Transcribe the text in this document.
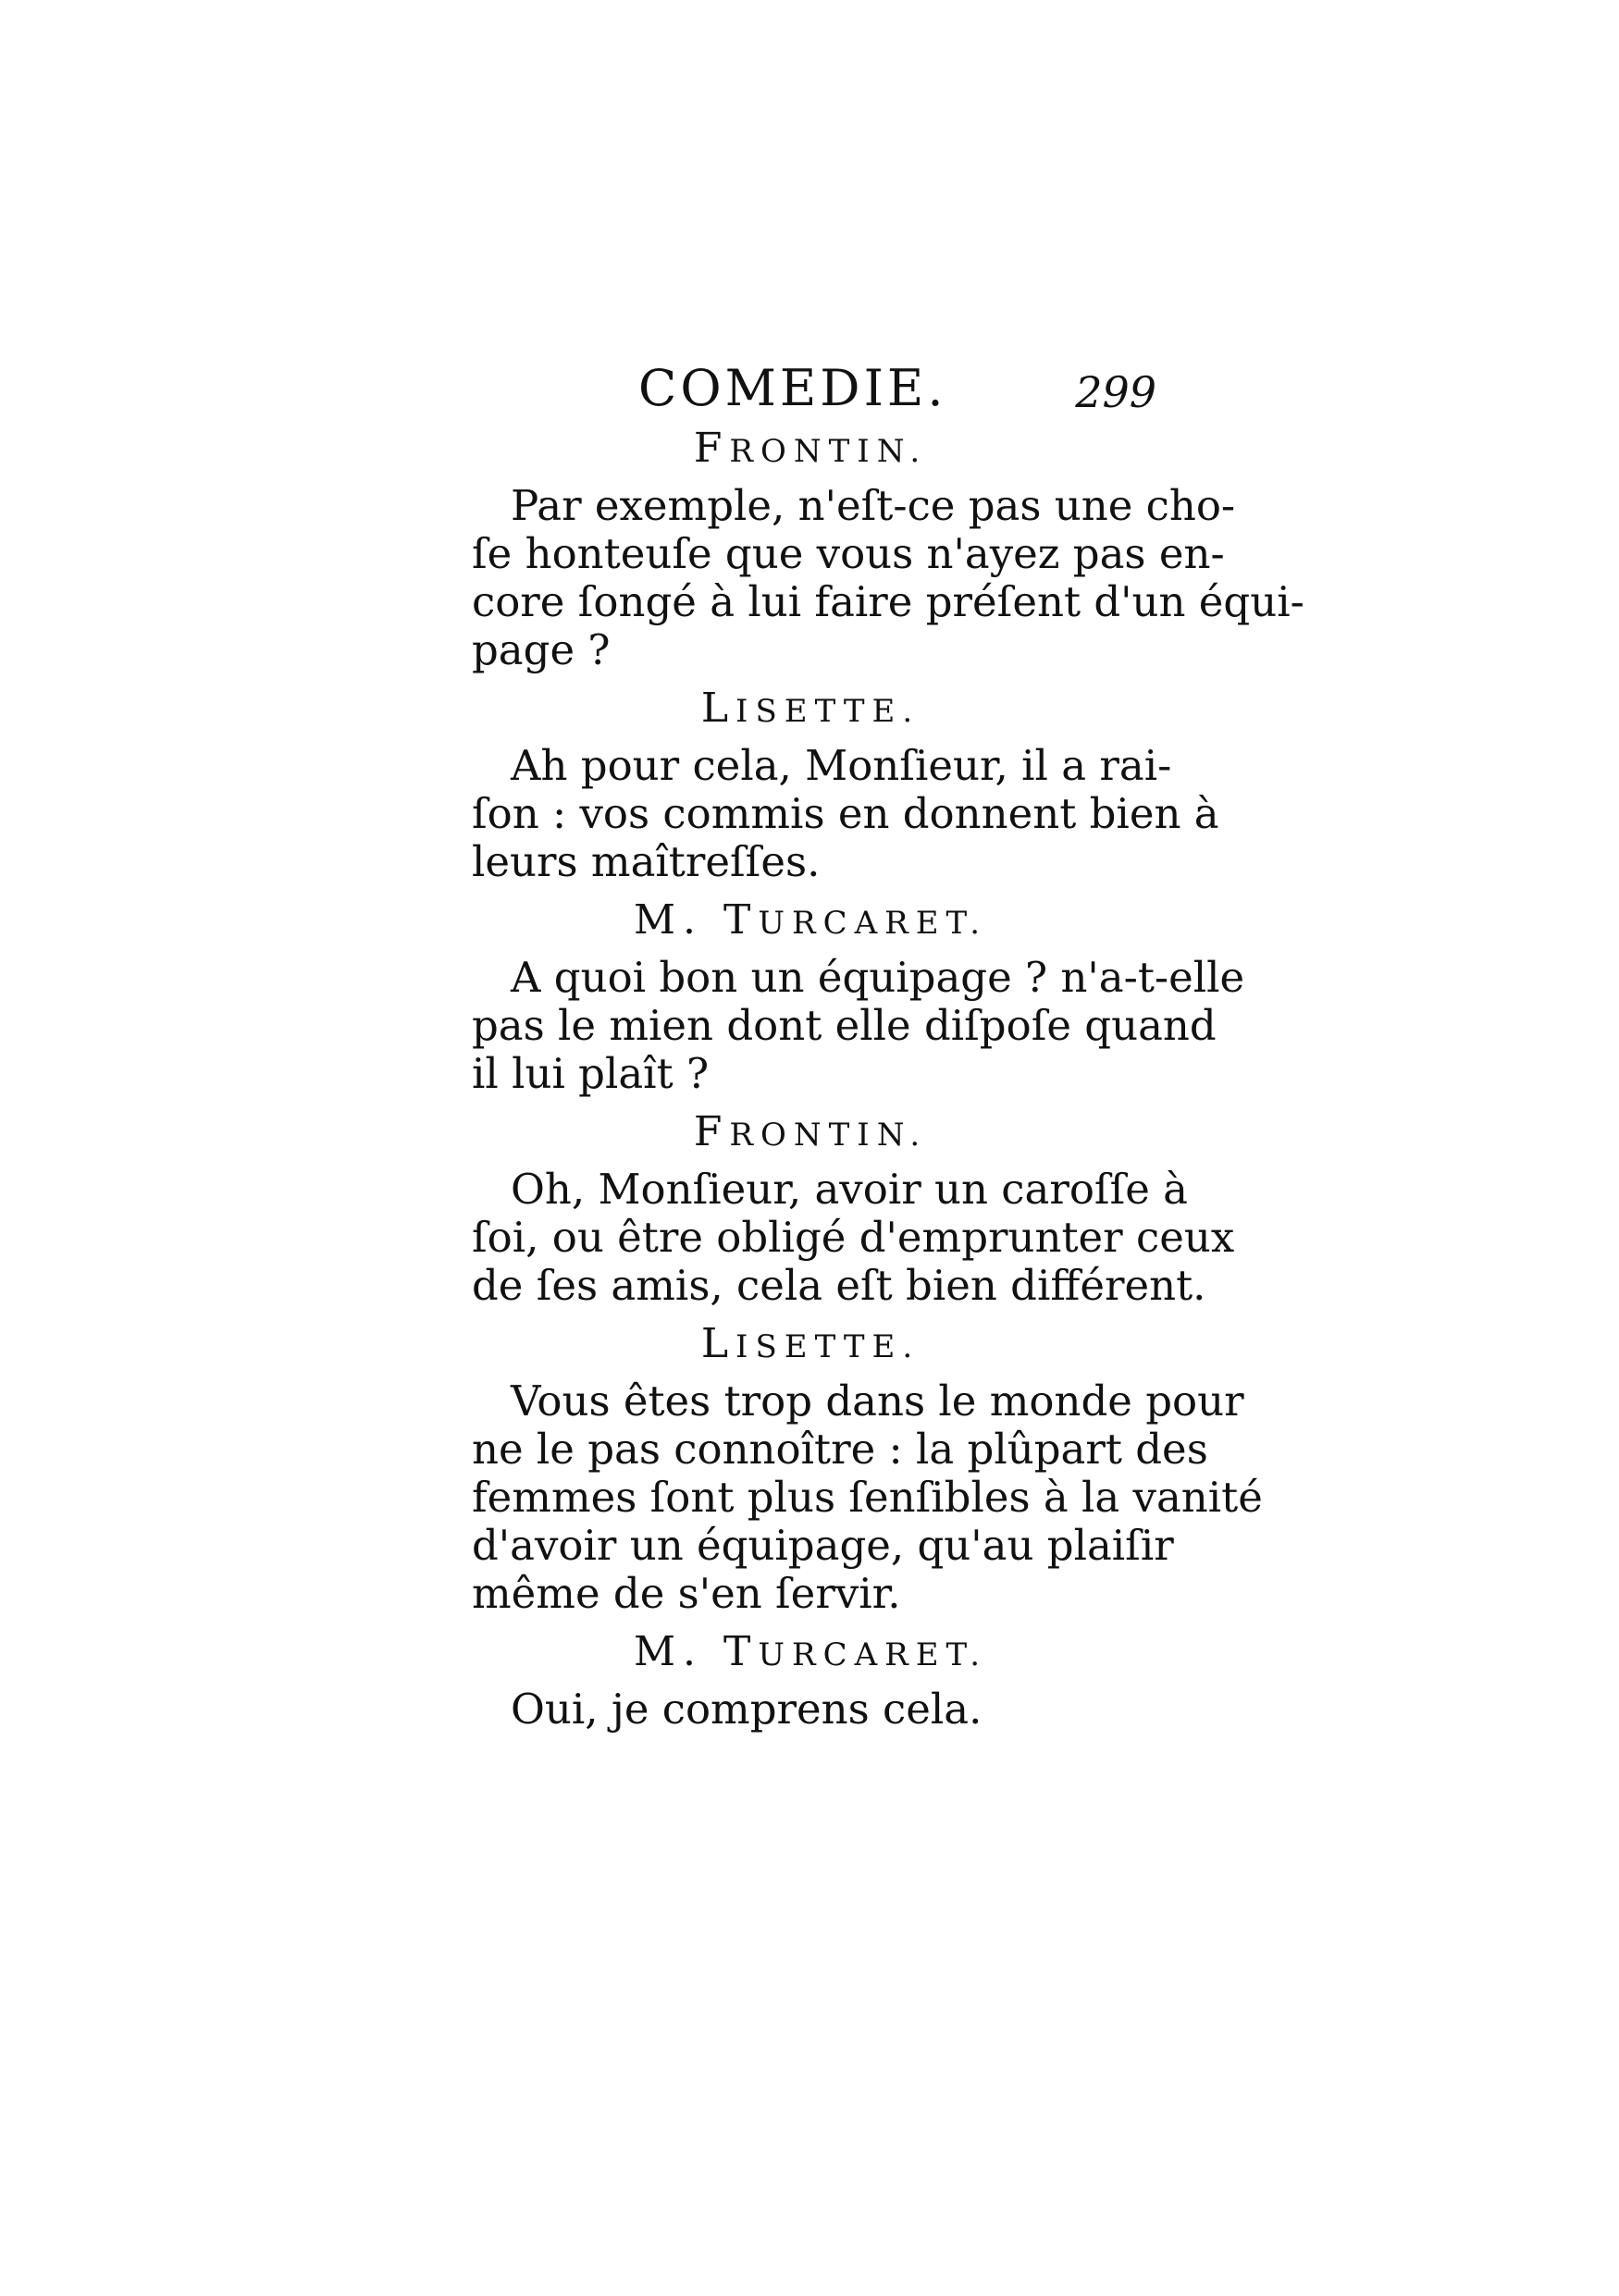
COMEDIE.	299
FRONTIN.
Par exemple, n'eſt-ce pas une cho-
ſe honteuſe que vous n'ayez pas en-
core ſongé à lui faire préſent d'un équi-
page ?
LISETTE.
Ah pour cela, Monſieur, il a rai-
ſon : vos commis en donnent bien à
leurs maîtreſſes.
M. TURCARET.
A quoi bon un équipage ? n'a-t-elle
pas le mien dont elle diſpoſe quand
il lui plaît ?
FRONTIN.
Oh, Monſieur, avoir un caroſſe à
ſoi, ou être obligé d'emprunter ceux
de ſes amis, cela eſt bien différent.
LISETTE.
Vous êtes trop dans le monde pour
ne le pas connoître : la plûpart des
femmes ſont plus ſenſibles à la vanité
d'avoir un équipage, qu'au plaiſir
même de s'en ſervir.
M. TURCARET.
Oui, je comprens cela.
